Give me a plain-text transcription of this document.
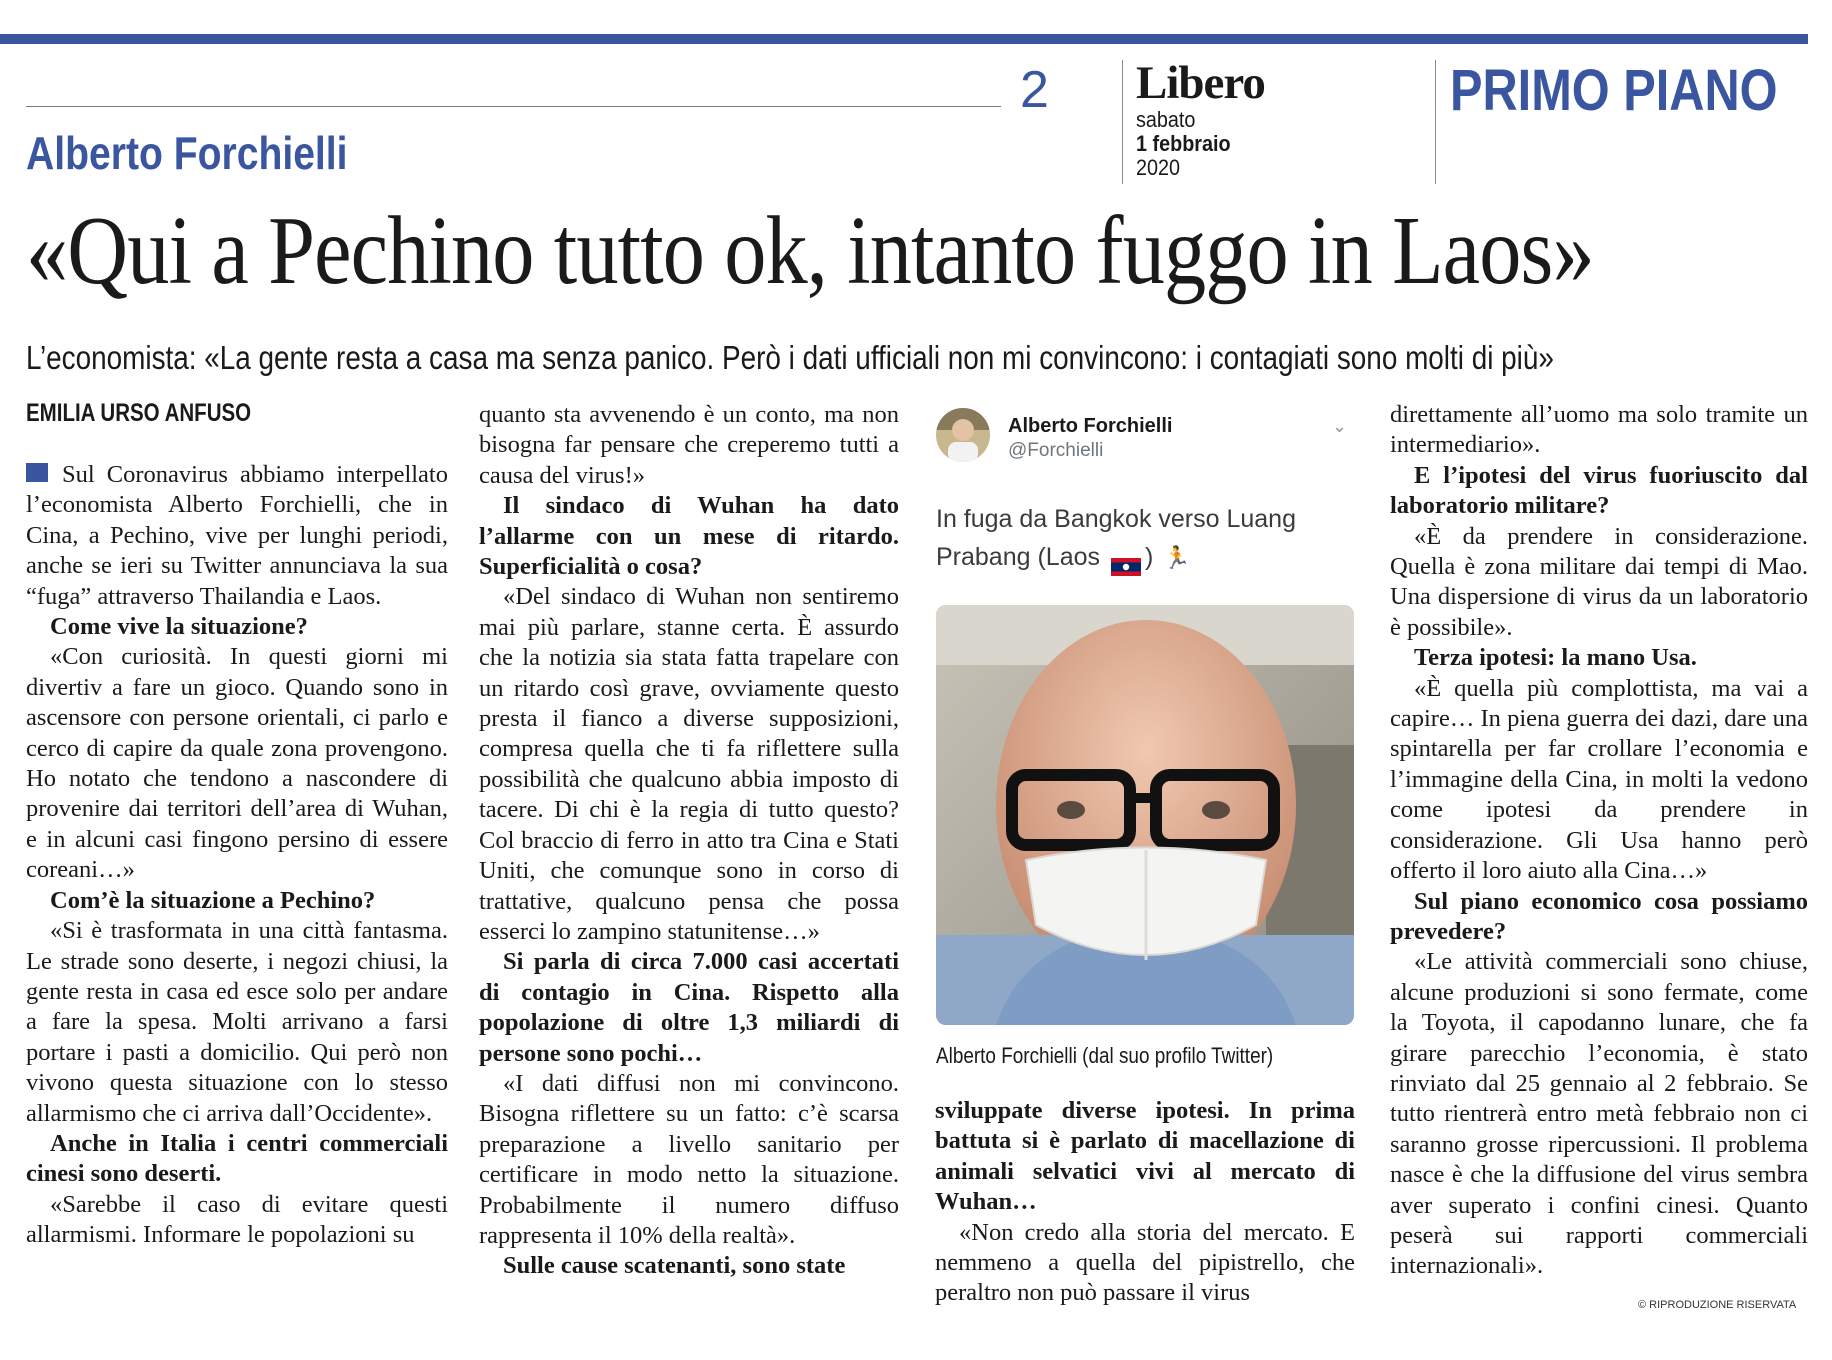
2 Libero
sabato
1 febbraio
2020
PRIMO PIANO
Alberto Forchielli
«Qui a Pechino tutto ok, intanto fuggo in Laos»
L’economista: «La gente resta a casa ma senza panico. Però i dati ufficiali non mi convincono: i contagiati sono molti di più»
EMILIA URSO ANFUSO

Sul Coronavirus abbiamo interpellato l’economista Alberto Forchielli, che in Cina, a Pechino, vive per lunghi periodi, anche se ieri su Twitter annunciava la sua “fuga” attraverso Thailandia e Laos.

Come vive la situazione?

«Con curiosità. In questi giorni mi divertiv a fare un gioco. Quando sono in ascensore con persone orientali, ci parlo e cerco di capire da quale zona provengono. Ho notato che tendono a nascondere di provenire dai territori dell’area di Wuhan, e in alcuni casi fingono persino di essere coreani…»

Com’è la situazione a Pechino?

«Si è trasformata in una città fantasma. Le strade sono deserte, i negozi chiusi, la gente resta in casa ed esce solo per andare a fare la spesa. Molti arrivano a farsi portare i pasti a domicilio. Qui però non vivono questa situazione con lo stesso allarmismo che ci arriva dall’Occidente».

Anche in Italia i centri commerciali cinesi sono deserti.

«Sarebbe il caso di evitare questi allarmismi. Informare le popolazioni su

quanto sta avvenendo è un conto, ma non bisogna far pensare che creperemo tutti a causa del virus!»

Il sindaco di Wuhan ha dato l’allarme con un mese di ritardo. Superficialità o cosa?

«Del sindaco di Wuhan non sentiremo mai più parlare, stanne certa. È assurdo che la notizia sia stata fatta trapelare con un ritardo così grave, ovviamente questo presta il fianco a diverse supposizioni, compresa quella che ti fa riflettere sulla possibilità che qualcuno abbia imposto di tacere. Di chi è la regia di tutto questo? Col braccio di ferro in atto tra Cina e Stati Uniti, che comunque sono in corso di trattative, qualcuno pensa che possa esserci lo zampino statunitense…»

Si parla di circa 7.000 casi accertati di contagio in Cina. Rispetto alla popolazione di oltre 1,3 miliardi di persone sono pochi…

«I dati diffusi non mi convincono. Bisogna riflettere su un fatto: c’è scarsa preparazione a livello sanitario per certificare in modo netto la situazione. Probabilmente il numero diffuso rappresenta il 10% della realtà».

Sulle cause scatenanti, sono state

Alberto Forchielli
@Forchielli
⌄
In fuga da Bangkok verso Luang Prabang (Laos ) 🏃
Alberto Forchielli (dal suo profilo Twitter)

sviluppate diverse ipotesi. In prima battuta si è parlato di macellazione di animali selvatici vivi al mercato di Wuhan…

«Non credo alla storia del mercato. E nemmeno a quella del pipistrello, che peraltro non può passare il virus

direttamente all’uomo ma solo tramite un intermediario».

E l’ipotesi del virus fuoriuscito dal laboratorio militare?

«È da prendere in considerazione. Quella è zona militare dai tempi di Mao. Una dispersione di virus da un laboratorio è possibile».

Terza ipotesi: la mano Usa.

«È quella più complottista, ma vai a capire… In piena guerra dei dazi, dare una spintarella per far crollare l’economia e l’immagine della Cina, in molti la vedono come ipotesi da prendere in considerazione. Gli Usa hanno però offerto il loro aiuto alla Cina…»

Sul piano economico cosa possiamo prevedere?

«Le attività commerciali sono chiuse, alcune produzioni si sono fermate, come la Toyota, il capodanno lunare, che fa girare parecchio l’economia, è stato rinviato dal 25 gennaio al 2 febbraio. Se tutto rientrerà entro metà febbraio non ci saranno grosse ripercussioni. Il problema nasce è che la diffusione del virus sembra aver superato i confini cinesi. Quanto peserà sui rapporti commerciali internazionali».

© RIPRODUZIONE RISERVATA
